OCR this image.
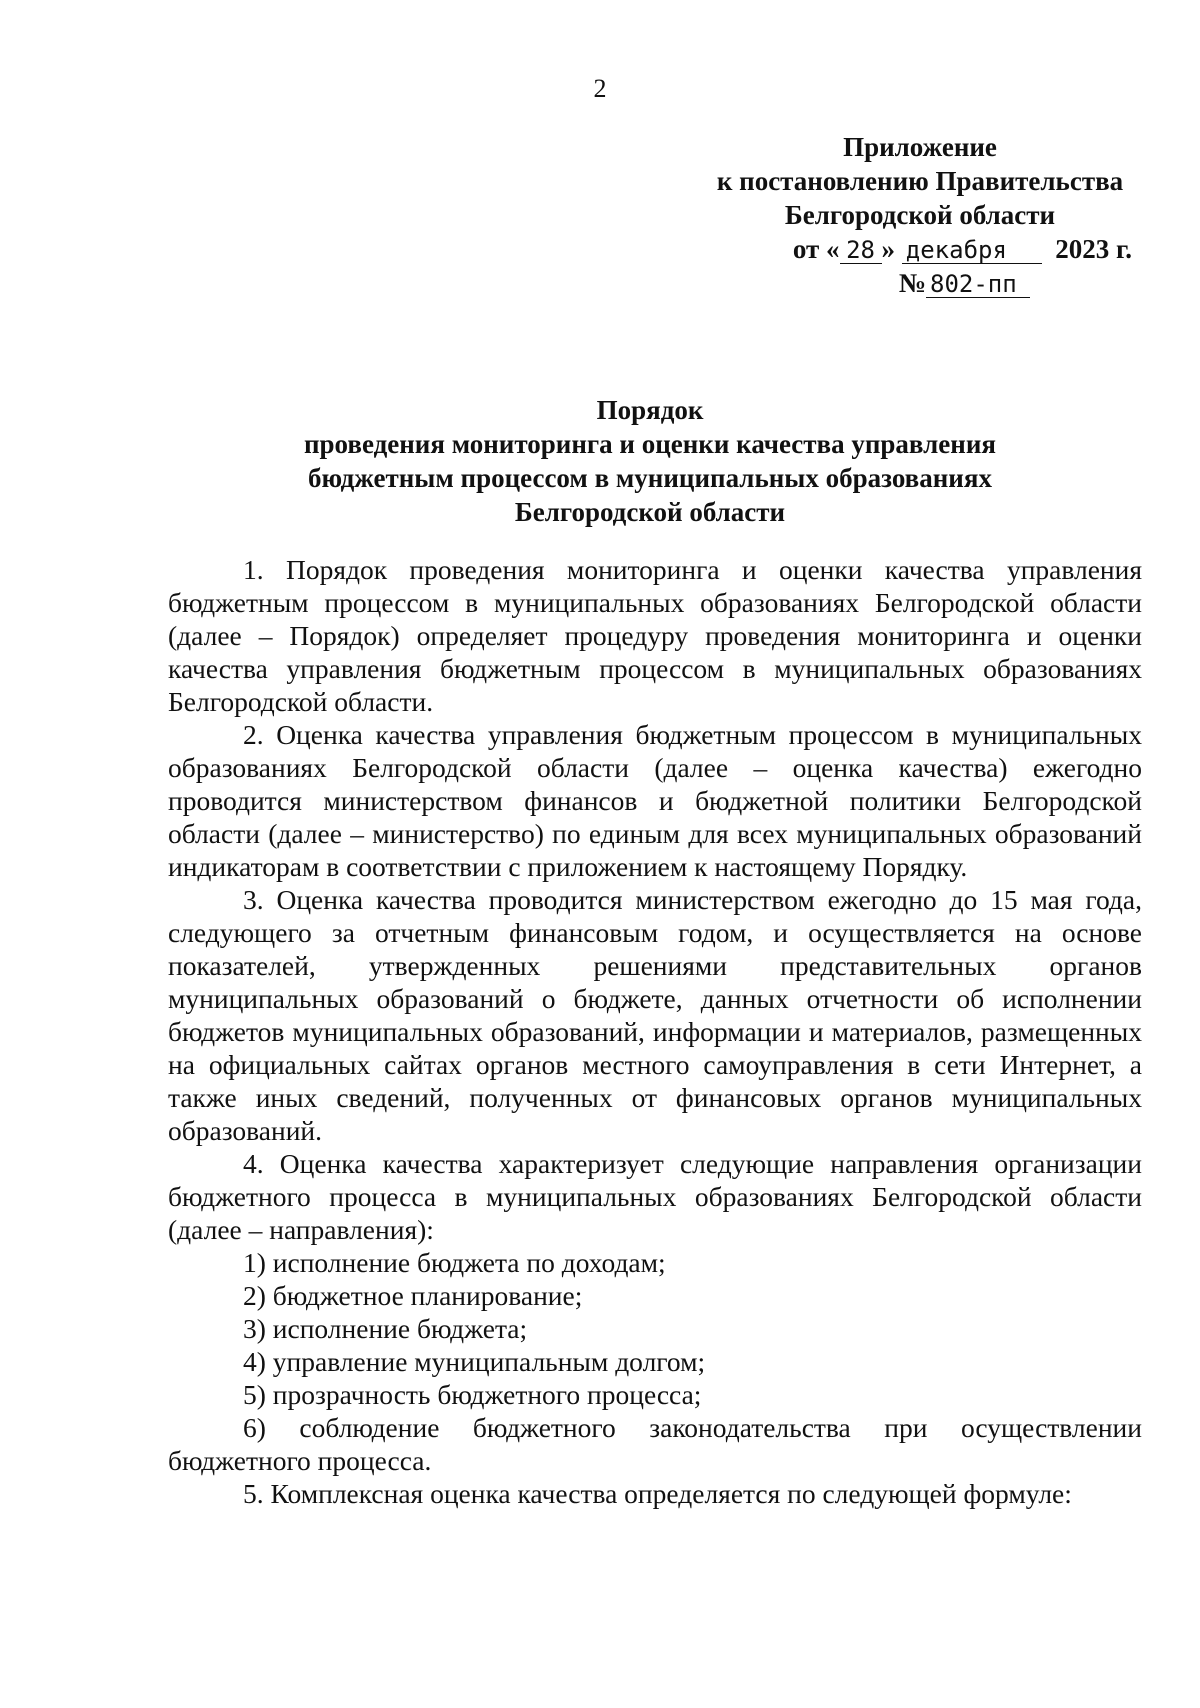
2
Приложение
к постановлению Правительства
Белгородской области
от « 28 » декабря 2023 г.
№ 802-пп
Порядок
проведения мониторинга и оценки качества управления
бюджетным процессом в муниципальных образованиях
Белгородской области

1. Порядок проведения мониторинга и оценки качества управления бюджетным процессом в муниципальных образованиях Белгородской области (далее – Порядок) определяет процедуру проведения мониторинга и оценки качества управления бюджетным процессом в муниципальных образованиях Белгородской области.

2. Оценка качества управления бюджетным процессом в муниципальных образованиях Белгородской области (далее – оценка качества) ежегодно проводится министерством финансов и бюджетной политики Белгородской области (далее – министерство) по единым для всех муниципальных образований индикаторам в соответствии с приложением к настоящему Порядку.

3. Оценка качества проводится министерством ежегодно до 15 мая года, следующего за отчетным финансовым годом, и осуществляется на основе показателей, утвержденных решениями представительных органов муниципальных образований о бюджете, данных отчетности об исполнении бюджетов муниципальных образований, информации и материалов, размещенных на официальных сайтах органов местного самоуправления в сети Интернет, а также иных сведений, полученных от финансовых органов муниципальных образований.

4. Оценка качества характеризует следующие направления организации бюджетного процесса в муниципальных образованиях Белгородской области (далее – направления):

1) исполнение бюджета по доходам;

2) бюджетное планирование;

3) исполнение бюджета;

4) управление муниципальным долгом;

5) прозрачность бюджетного процесса;

6) соблюдение бюджетного законодательства при осуществлении бюджетного процесса.

5. Комплексная оценка качества определяется по следующей формуле:
